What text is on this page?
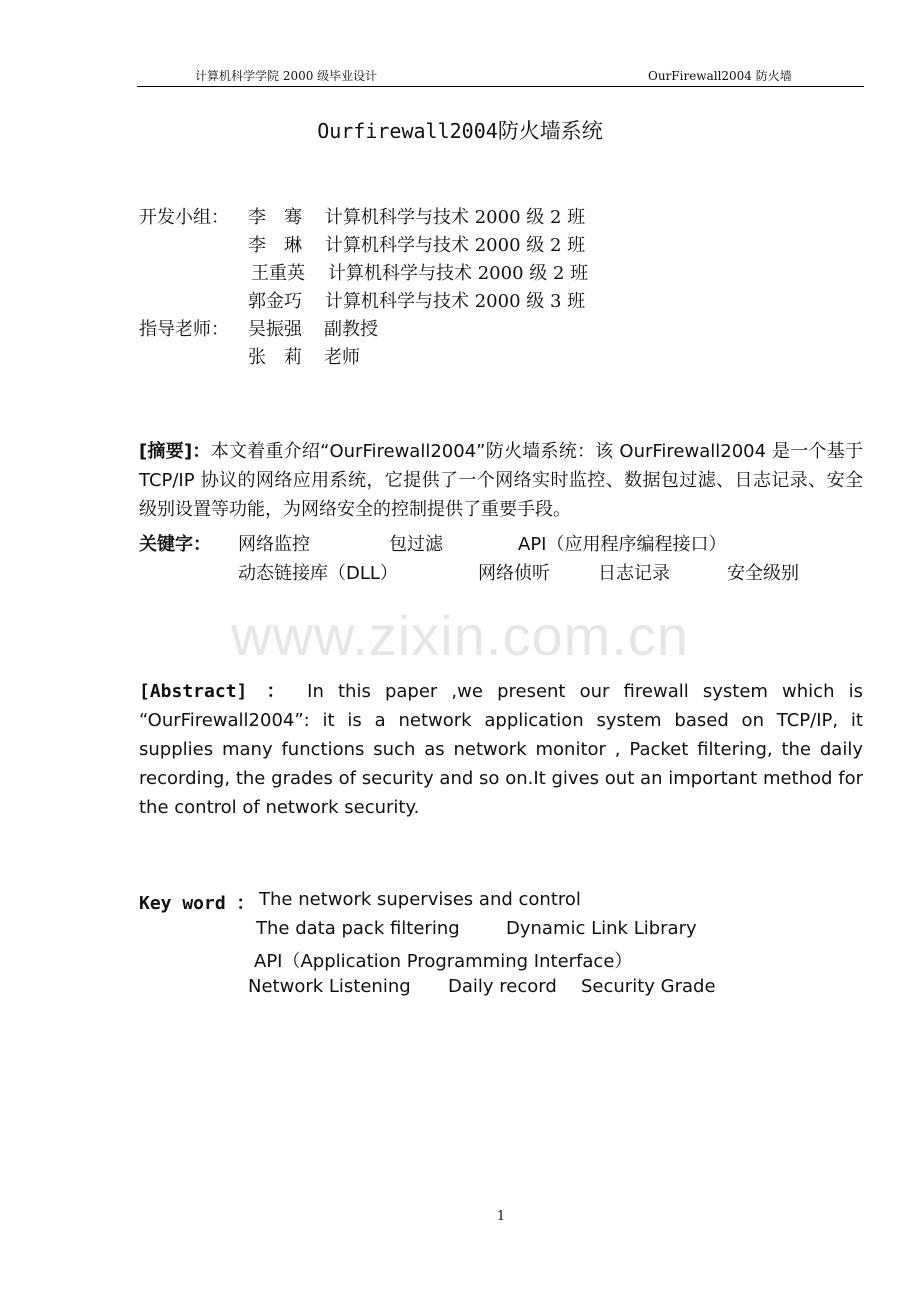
计算机科学学院 2000 级毕业设计	OurFirewall2004 防火墙
Ourfirewall2004防火墙系统
开发小组： 李　骞 计算机科学与技术 2000 级 2 班
李　琳 计算机科学与技术 2000 级 2 班
王重英 计算机科学与技术 2000 级 2 班
郭金巧 计算机科学与技术 2000 级 3 班
指导老师： 吴振强 副教授
张　莉 老师
[摘要]：本文着重介绍“OurFirewall2004”防火墙系统：该 OurFirewall2004 是一个基于 TCP/IP 协议的网络应用系统，它提供了一个网络实时监控、数据包过滤、日志记录、安全级别设置等功能，为网络安全的控制提供了重要手段。
关键字： 网络监控	包过滤	API（应用程序编程接口）
动态链接库（DLL）	网络侦听	日志记录	安全级别
www.zixin.com.cn
[Abstract] ： In this paper ,we present our firewall system which is “OurFirewall2004”: it is a network application system based on TCP/IP, it supplies many functions such as network monitor , Packet filtering, the daily recording, the grades of security and so on.It gives out an important method for the control of network security.
Key word ： The network supervises and control
The data pack filtering	Dynamic Link Library
API（Application Programming Interface）
Network Listening Daily record Security Grade
1
